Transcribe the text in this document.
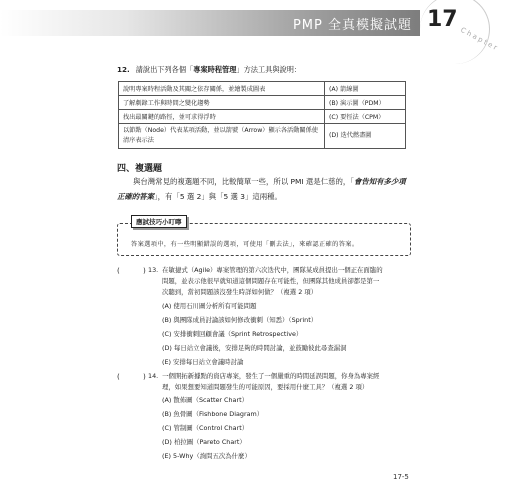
PMP 全真模擬試題 17
Chapter
12. 請說出下列各個「專案時程管理」方法工具與說明：
說明專案時程活動及其關之依存關係，並繪製成圖表	(A) 箭線圖
了解劇錄工作與時間之變化趨勢	(B) 演示圖（PDM）
找出最關鍵的路徑，並可求得浮時	(C) 要徑法（CPM）
以節點（Node）代表某項活動，並以箭號（Arrow）顯示各活動關係使清序表示法	(D) 迭代燃盡圖
四、複選題
與台灣常見的複選題不同，比較簡單一些，所以 PMI 還是仁慈的，「會告知有多少項正確的答案」，有「5 選 2」與「5 選 3」這兩種。
應試技巧小叮嚀
答案選項中，有一些明顯錯誤的選項，可使用「刪去法」，來確認正確的答案。
(	) 13. 在敏捷式（Agile）專案管理的第六次迭代中，團隊某成員提出一個正在面臨的
問題，並表示他很早就知道這個問題存在可能性，但團隊其他成員卻都是第一
次聽到，當初問題該沒發生時詳如何做？（複選 2 項）
(A) 使用石川圖分析所有可能問題
(B) 與團隊成員討論該如何修改衝刺（知悉）（Sprint）
(C) 安排衝刺回顧會議（Sprint Retrospective）
(D) 每日站立會議後，安排足夠的時間討論，並鼓勵彼此尋查漏洞
(E) 安排每日站立會議時討論
(	) 14. 一個開拓新據點的資店專案，發生了一個嚴重的時間延誤問題，你身為專案經
理，如果想要知道問題發生的可能原因，要採用什麼工具？（複選 2 項）
(A) 散佈圖（Scatter Chart）
(B) 魚骨圖（Fishbone Diagram）
(C) 管制圖（Control Chart）
(D) 柏拉圖（Pareto Chart）
(E) 5-Why（詢問五次為什麼）
17-5
